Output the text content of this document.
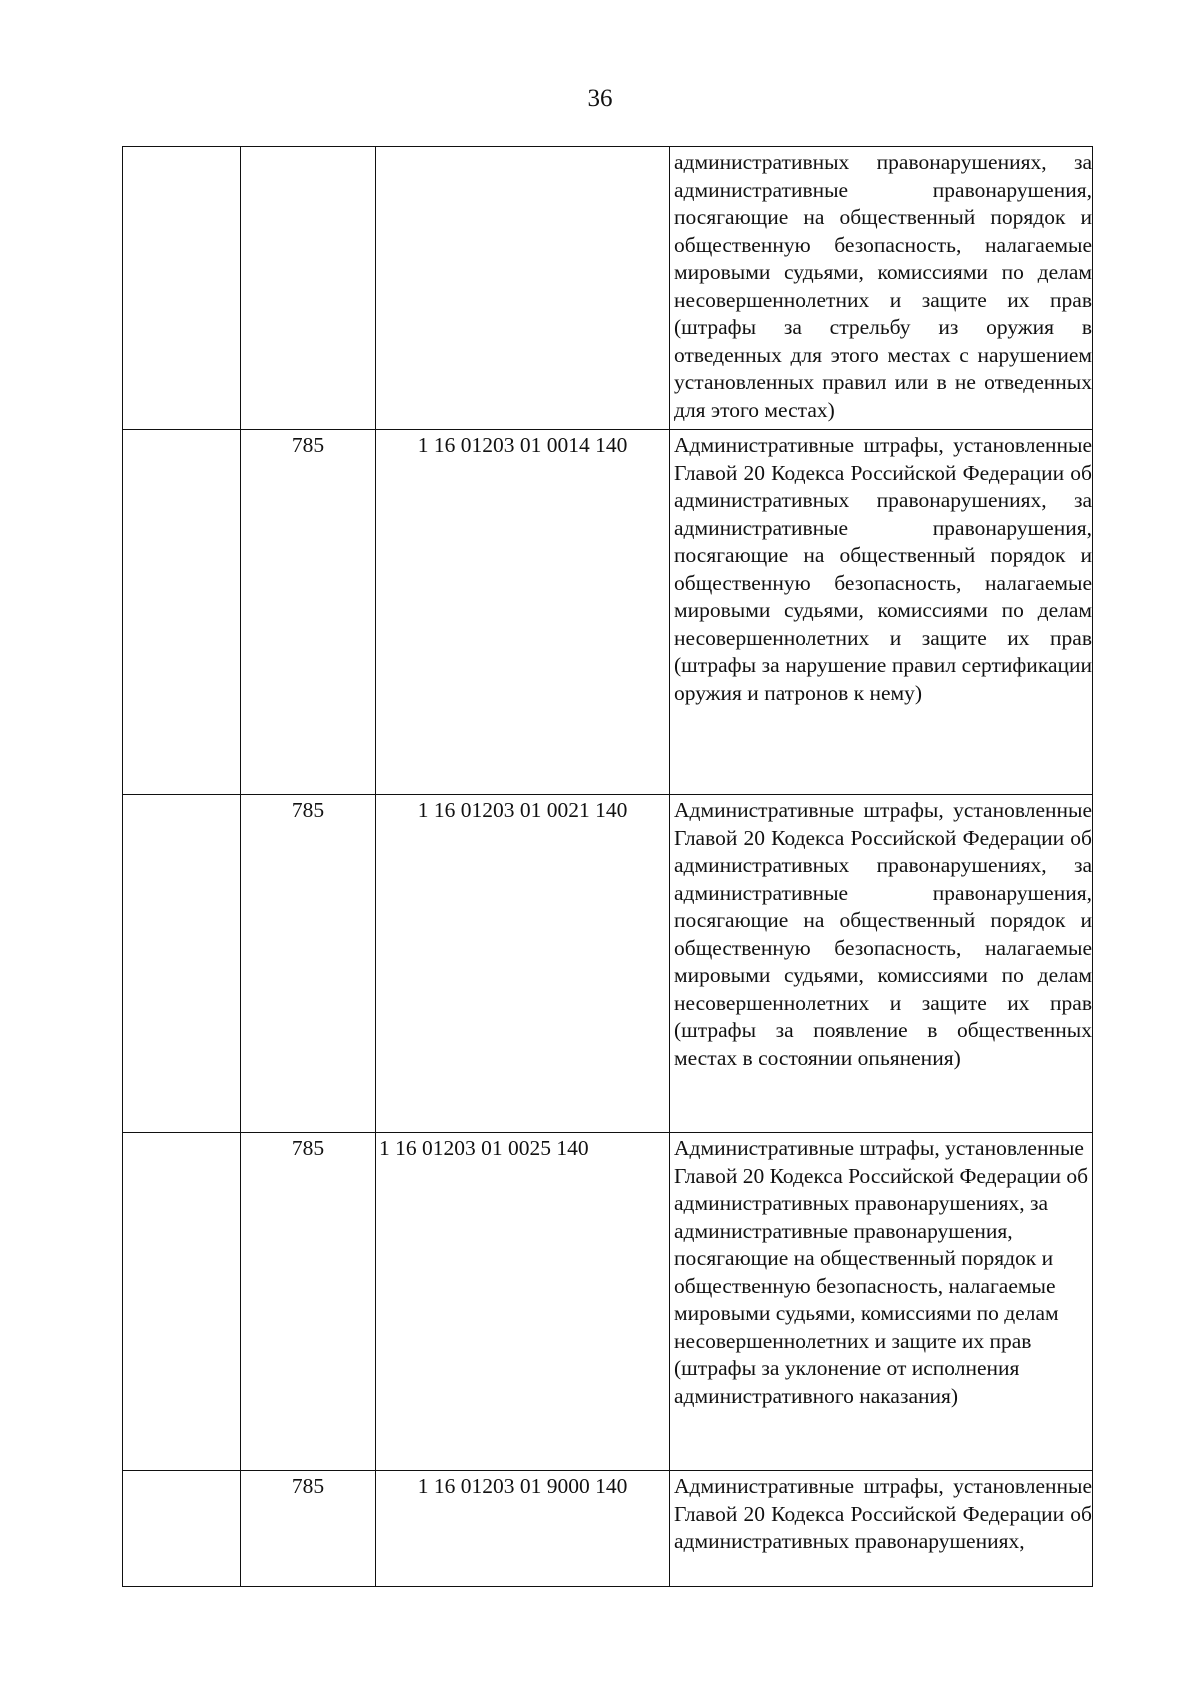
36

			административных правонарушениях, за административные правонарушения, посягающие на общественный порядок и общественную безопасность, налагаемые мировыми судьями, комиссиями по делам несовершеннолетних и защите их прав (штрафы за стрельбу из оружия в отведенных для этого местах с нарушением установленных правил или в не отведенных для этого местах)

	785	1 16 01203 01 0014 140	Административные штрафы, установленные Главой 20 Кодекса Российской Федерации об административных правонарушениях, за административные правонарушения, посягающие на общественный порядок и общественную безопасность, налагаемые мировыми судьями, комиссиями по делам несовершеннолетних и защите их прав (штрафы за нарушение правил сертификации оружия и патронов к нему)

	785	1 16 01203 01 0021 140	Административные штрафы, установленные Главой 20 Кодекса Российской Федерации об административных правонарушениях, за административные правонарушения, посягающие на общественный порядок и общественную безопасность, налагаемые мировыми судьями, комиссиями по делам несовершеннолетних и защите их прав (штрафы за появление в общественных местах в состоянии опьянения)

	785	1 16 01203 01 0025 140	Административные штрафы, установленные Главой 20 Кодекса Российской Федерации об административных правонарушениях, за административные правонарушения, посягающие на общественный порядок и общественную безопасность, налагаемые мировыми судьями, комиссиями по делам несовершеннолетних и защите их прав (штрафы за уклонение от исполнения административного наказания)

	785	1 16 01203 01 9000 140	Административные штрафы, установленные Главой 20 Кодекса Российской Федерации об административных правонарушениях,
